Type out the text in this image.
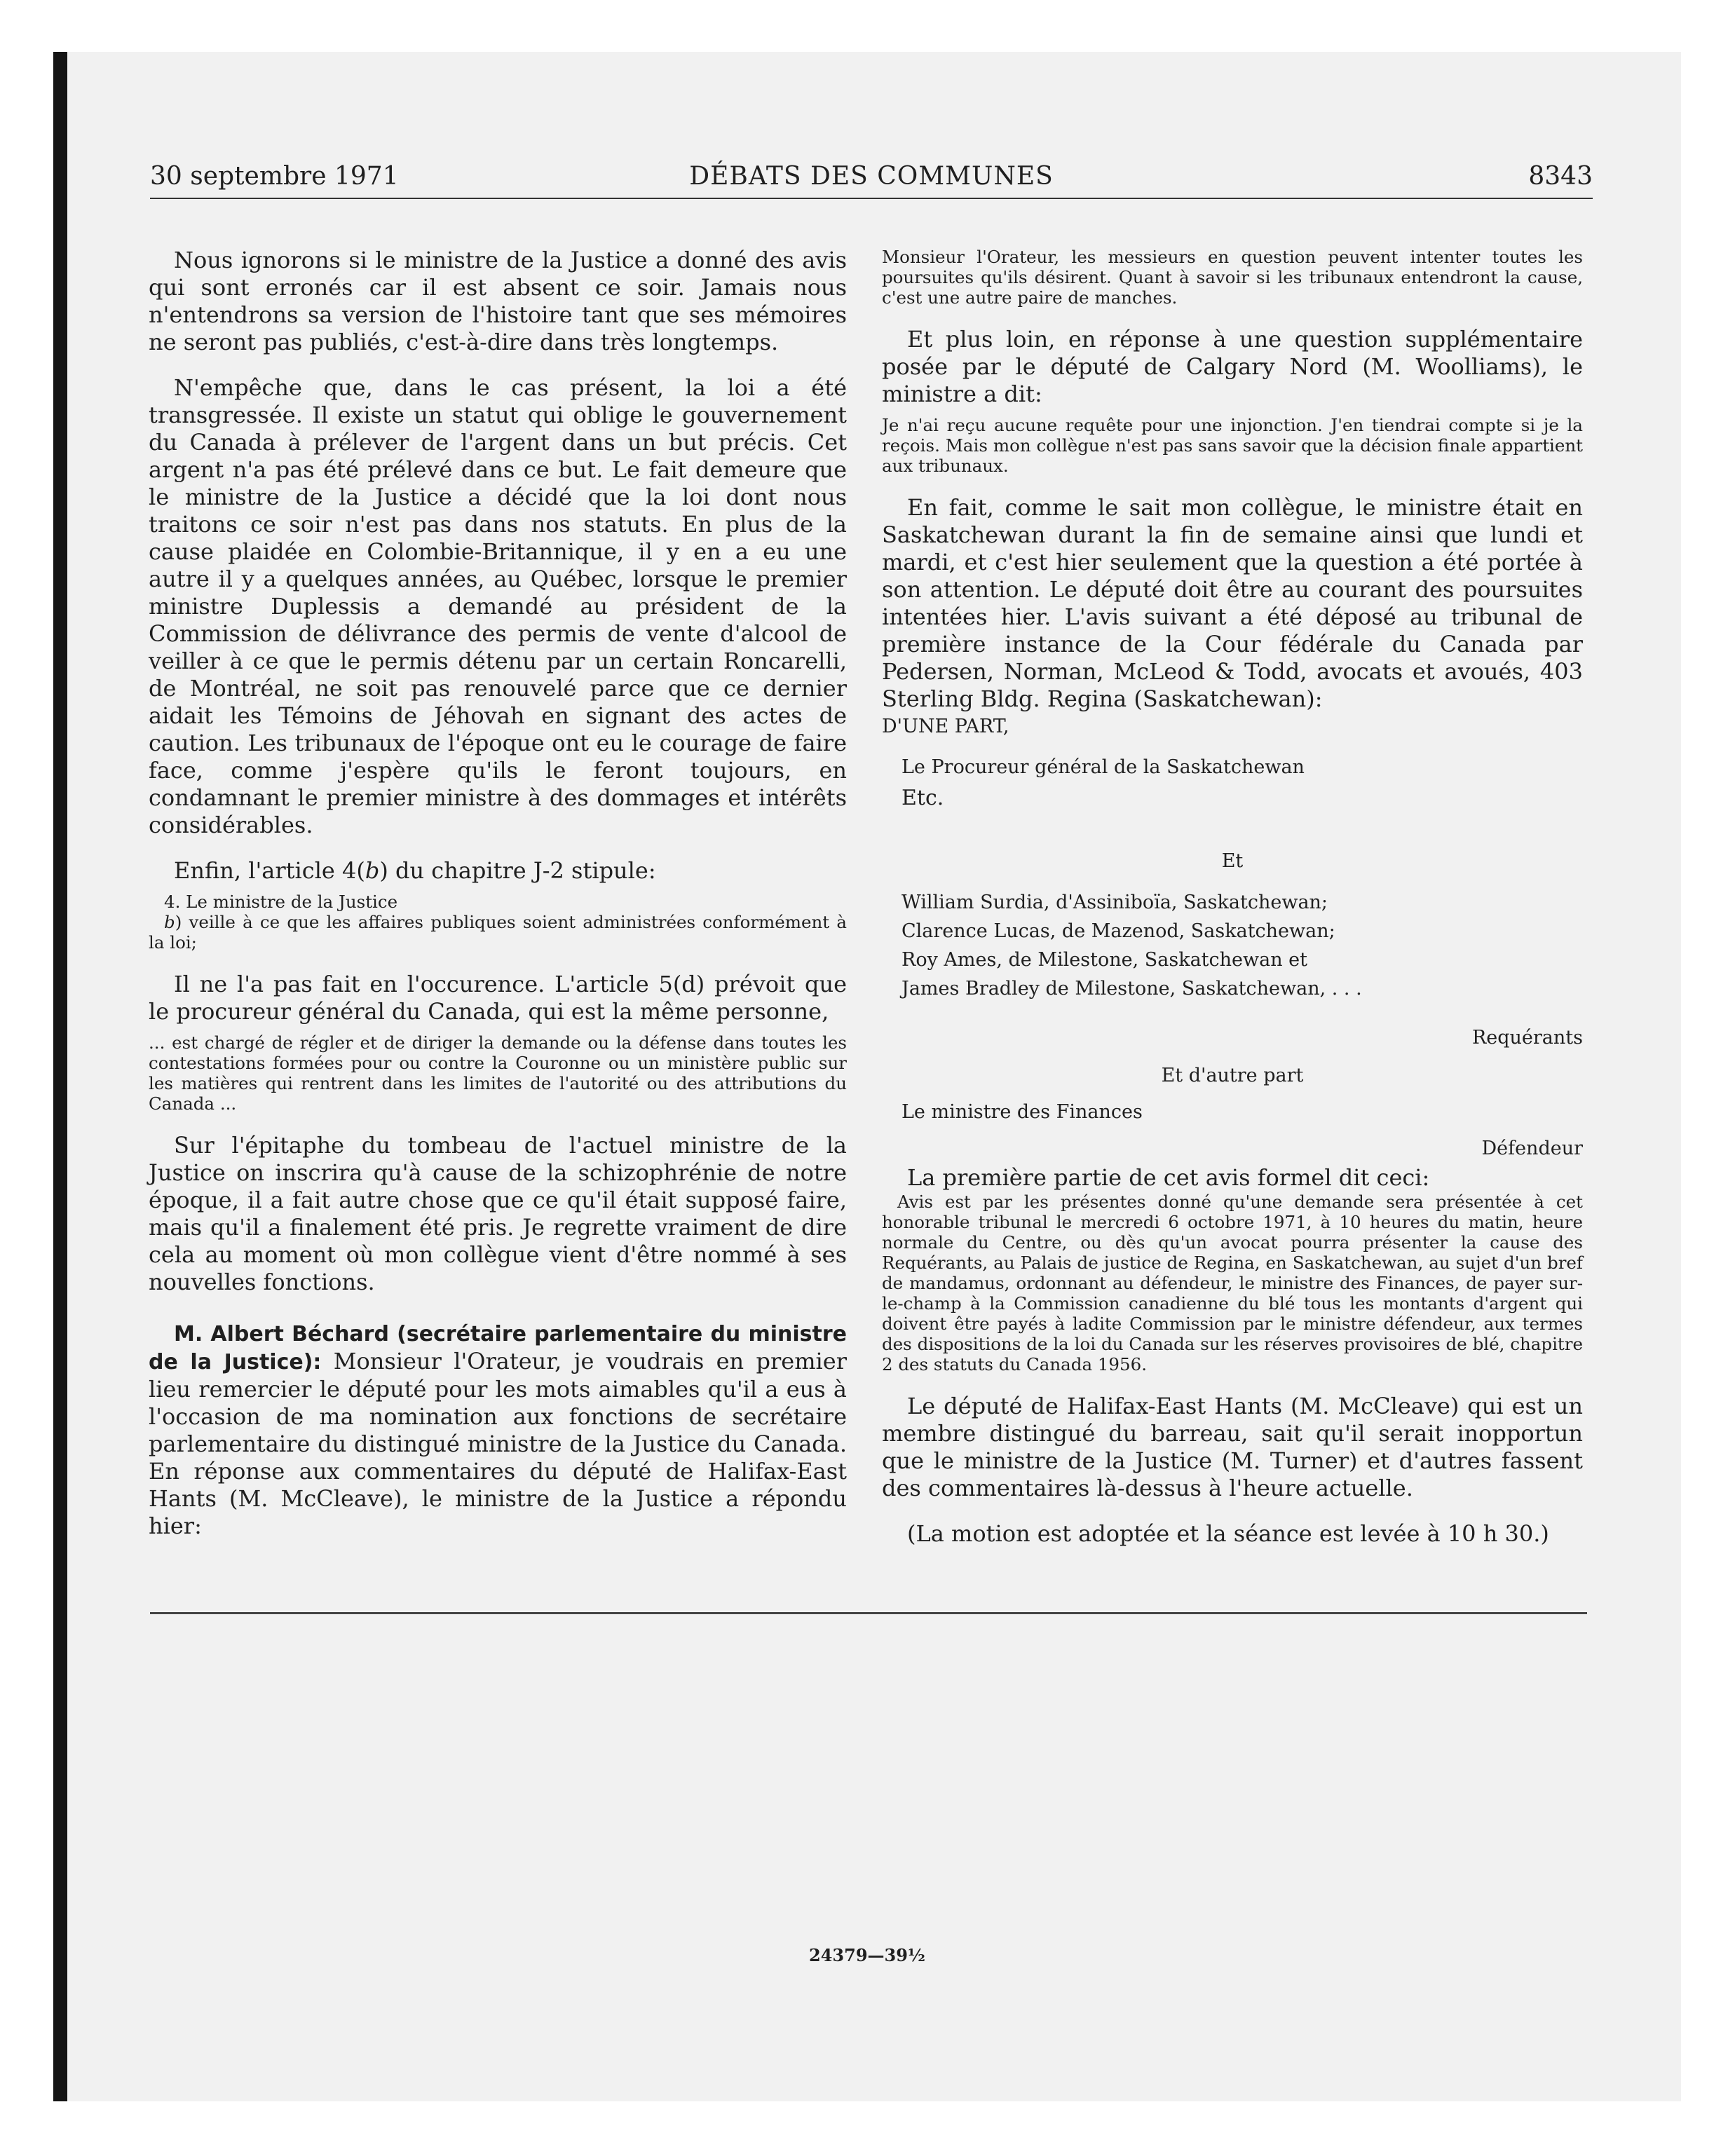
30 septembre 1971	DÉBATS DES COMMUNES	8343

Nous ignorons si le ministre de la Justice a donné des avis qui sont erronés car il est absent ce soir. Jamais nous n'entendrons sa version de l'histoire tant que ses mémoires ne seront pas publiés, c'est-à-dire dans très longtemps.

N'empêche que, dans le cas présent, la loi a été transgressée. Il existe un statut qui oblige le gouvernement du Canada à prélever de l'argent dans un but précis. Cet argent n'a pas été prélevé dans ce but. Le fait demeure que le ministre de la Justice a décidé que la loi dont nous traitons ce soir n'est pas dans nos statuts. En plus de la cause plaidée en Colombie-Britannique, il y en a eu une autre il y a quelques années, au Québec, lorsque le premier ministre Duplessis a demandé au président de la Commission de délivrance des permis de vente d'alcool de veiller à ce que le permis détenu par un certain Roncarelli, de Montréal, ne soit pas renouvelé parce que ce dernier aidait les Témoins de Jéhovah en signant des actes de caution. Les tribunaux de l'époque ont eu le courage de faire face, comme j'espère qu'ils le feront toujours, en condamnant le premier ministre à des dommages et intérêts considérables.

Enfin, l'article 4(b) du chapitre J-2 stipule:

4. Le ministre de la Justice

b) veille à ce que les affaires publiques soient administrées conformément à la loi;

Il ne l'a pas fait en l'occurence. L'article 5(d) prévoit que le procureur général du Canada, qui est la même personne,

... est chargé de régler et de diriger la demande ou la défense dans toutes les contestations formées pour ou contre la Couronne ou un ministère public sur les matières qui rentrent dans les limites de l'autorité ou des attributions du Canada ...

Sur l'épitaphe du tombeau de l'actuel ministre de la Justice on inscrira qu'à cause de la schizophrénie de notre époque, il a fait autre chose que ce qu'il était supposé faire, mais qu'il a finalement été pris. Je regrette vraiment de dire cela au moment où mon collègue vient d'être nommé à ses nouvelles fonctions.

M. Albert Béchard (secrétaire parlementaire du ministre de la Justice): Monsieur l'Orateur, je voudrais en premier lieu remercier le député pour les mots aimables qu'il a eus à l'occasion de ma nomination aux fonctions de secrétaire parlementaire du distingué ministre de la Justice du Canada. En réponse aux commentaires du député de Halifax-East Hants (M. McCleave), le ministre de la Justice a répondu hier:

Monsieur l'Orateur, les messieurs en question peuvent intenter toutes les poursuites qu'ils désirent. Quant à savoir si les tribunaux entendront la cause, c'est une autre paire de manches.

Et plus loin, en réponse à une question supplémentaire posée par le député de Calgary Nord (M. Woolliams), le ministre a dit:

Je n'ai reçu aucune requête pour une injonction. J'en tiendrai compte si je la reçois. Mais mon collègue n'est pas sans savoir que la décision finale appartient aux tribunaux.

En fait, comme le sait mon collègue, le ministre était en Saskatchewan durant la fin de semaine ainsi que lundi et mardi, et c'est hier seulement que la question a été portée à son attention. Le député doit être au courant des poursuites intentées hier. L'avis suivant a été déposé au tribunal de première instance de la Cour fédérale du Canada par Pedersen, Norman, McLeod & Todd, avocats et avoués, 403 Sterling Bldg. Regina (Saskatchewan):

D'UNE PART,

Le Procureur général de la Saskatchewan

Etc.

Et

William Surdia, d'Assiniboïa, Saskatchewan;

Clarence Lucas, de Mazenod, Saskatchewan;

Roy Ames, de Milestone, Saskatchewan et

James Bradley de Milestone, Saskatchewan, . . .

Requérants

Et d'autre part

Le ministre des Finances

Défendeur

La première partie de cet avis formel dit ceci:

Avis est par les présentes donné qu'une demande sera présentée à cet honorable tribunal le mercredi 6 octobre 1971, à 10 heures du matin, heure normale du Centre, ou dès qu'un avocat pourra présenter la cause des Requérants, au Palais de justice de Regina, en Saskatchewan, au sujet d'un bref de mandamus, ordonnant au défendeur, le ministre des Finances, de payer sur-le-champ à la Commission canadienne du blé tous les montants d'argent qui doivent être payés à ladite Commission par le ministre défendeur, aux termes des dispositions de la loi du Canada sur les réserves provisoires de blé, chapitre 2 des statuts du Canada 1956.

Le député de Halifax-East Hants (M. McCleave) qui est un membre distingué du barreau, sait qu'il serait inopportun que le ministre de la Justice (M. Turner) et d'autres fassent des commentaires là-dessus à l'heure actuelle.

(La motion est adoptée et la séance est levée à 10 h 30.)

24379—39½
